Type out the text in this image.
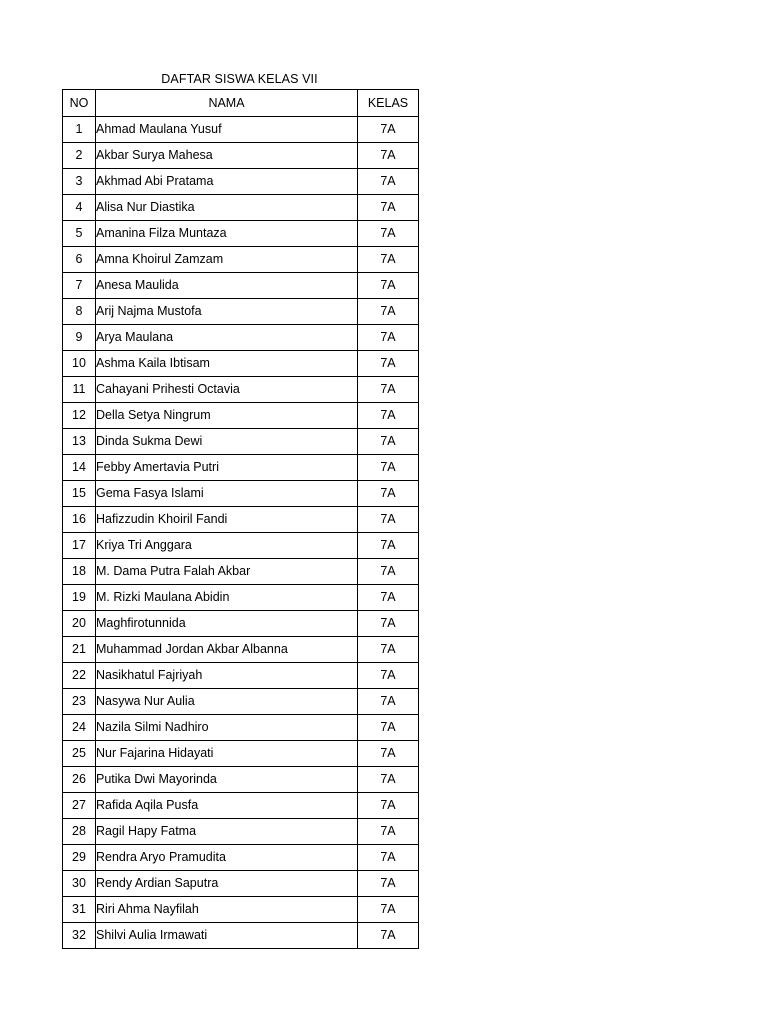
DAFTAR SISWA KELAS VII
NO	NAMA	KELAS
1	Ahmad Maulana Yusuf	7A
2	Akbar Surya Mahesa	7A
3	Akhmad Abi Pratama	7A
4	Alisa Nur Diastika	7A
5	Amanina Filza Muntaza	7A
6	Amna Khoirul Zamzam	7A
7	Anesa Maulida	7A
8	Arij Najma Mustofa	7A
9	Arya Maulana	7A
10	Ashma Kaila Ibtisam	7A
11	Cahayani Prihesti Octavia	7A
12	Della Setya Ningrum	7A
13	Dinda Sukma Dewi	7A
14	Febby Amertavia Putri	7A
15	Gema Fasya Islami	7A
16	Hafizzudin Khoiril Fandi	7A
17	Kriya Tri Anggara	7A
18	M. Dama Putra Falah Akbar	7A
19	M. Rizki Maulana Abidin	7A
20	Maghfirotunnida	7A
21	Muhammad Jordan Akbar Albanna	7A
22	Nasikhatul Fajriyah	7A
23	Nasywa Nur Aulia	7A
24	Nazila Silmi Nadhiro	7A
25	Nur Fajarina Hidayati	7A
26	Putika Dwi Mayorinda	7A
27	Rafida Aqila Pusfa	7A
28	Ragil Hapy Fatma	7A
29	Rendra Aryo Pramudita	7A
30	Rendy Ardian Saputra	7A
31	Riri Ahma Nayfilah	7A
32	Shilvi Aulia Irmawati	7A
